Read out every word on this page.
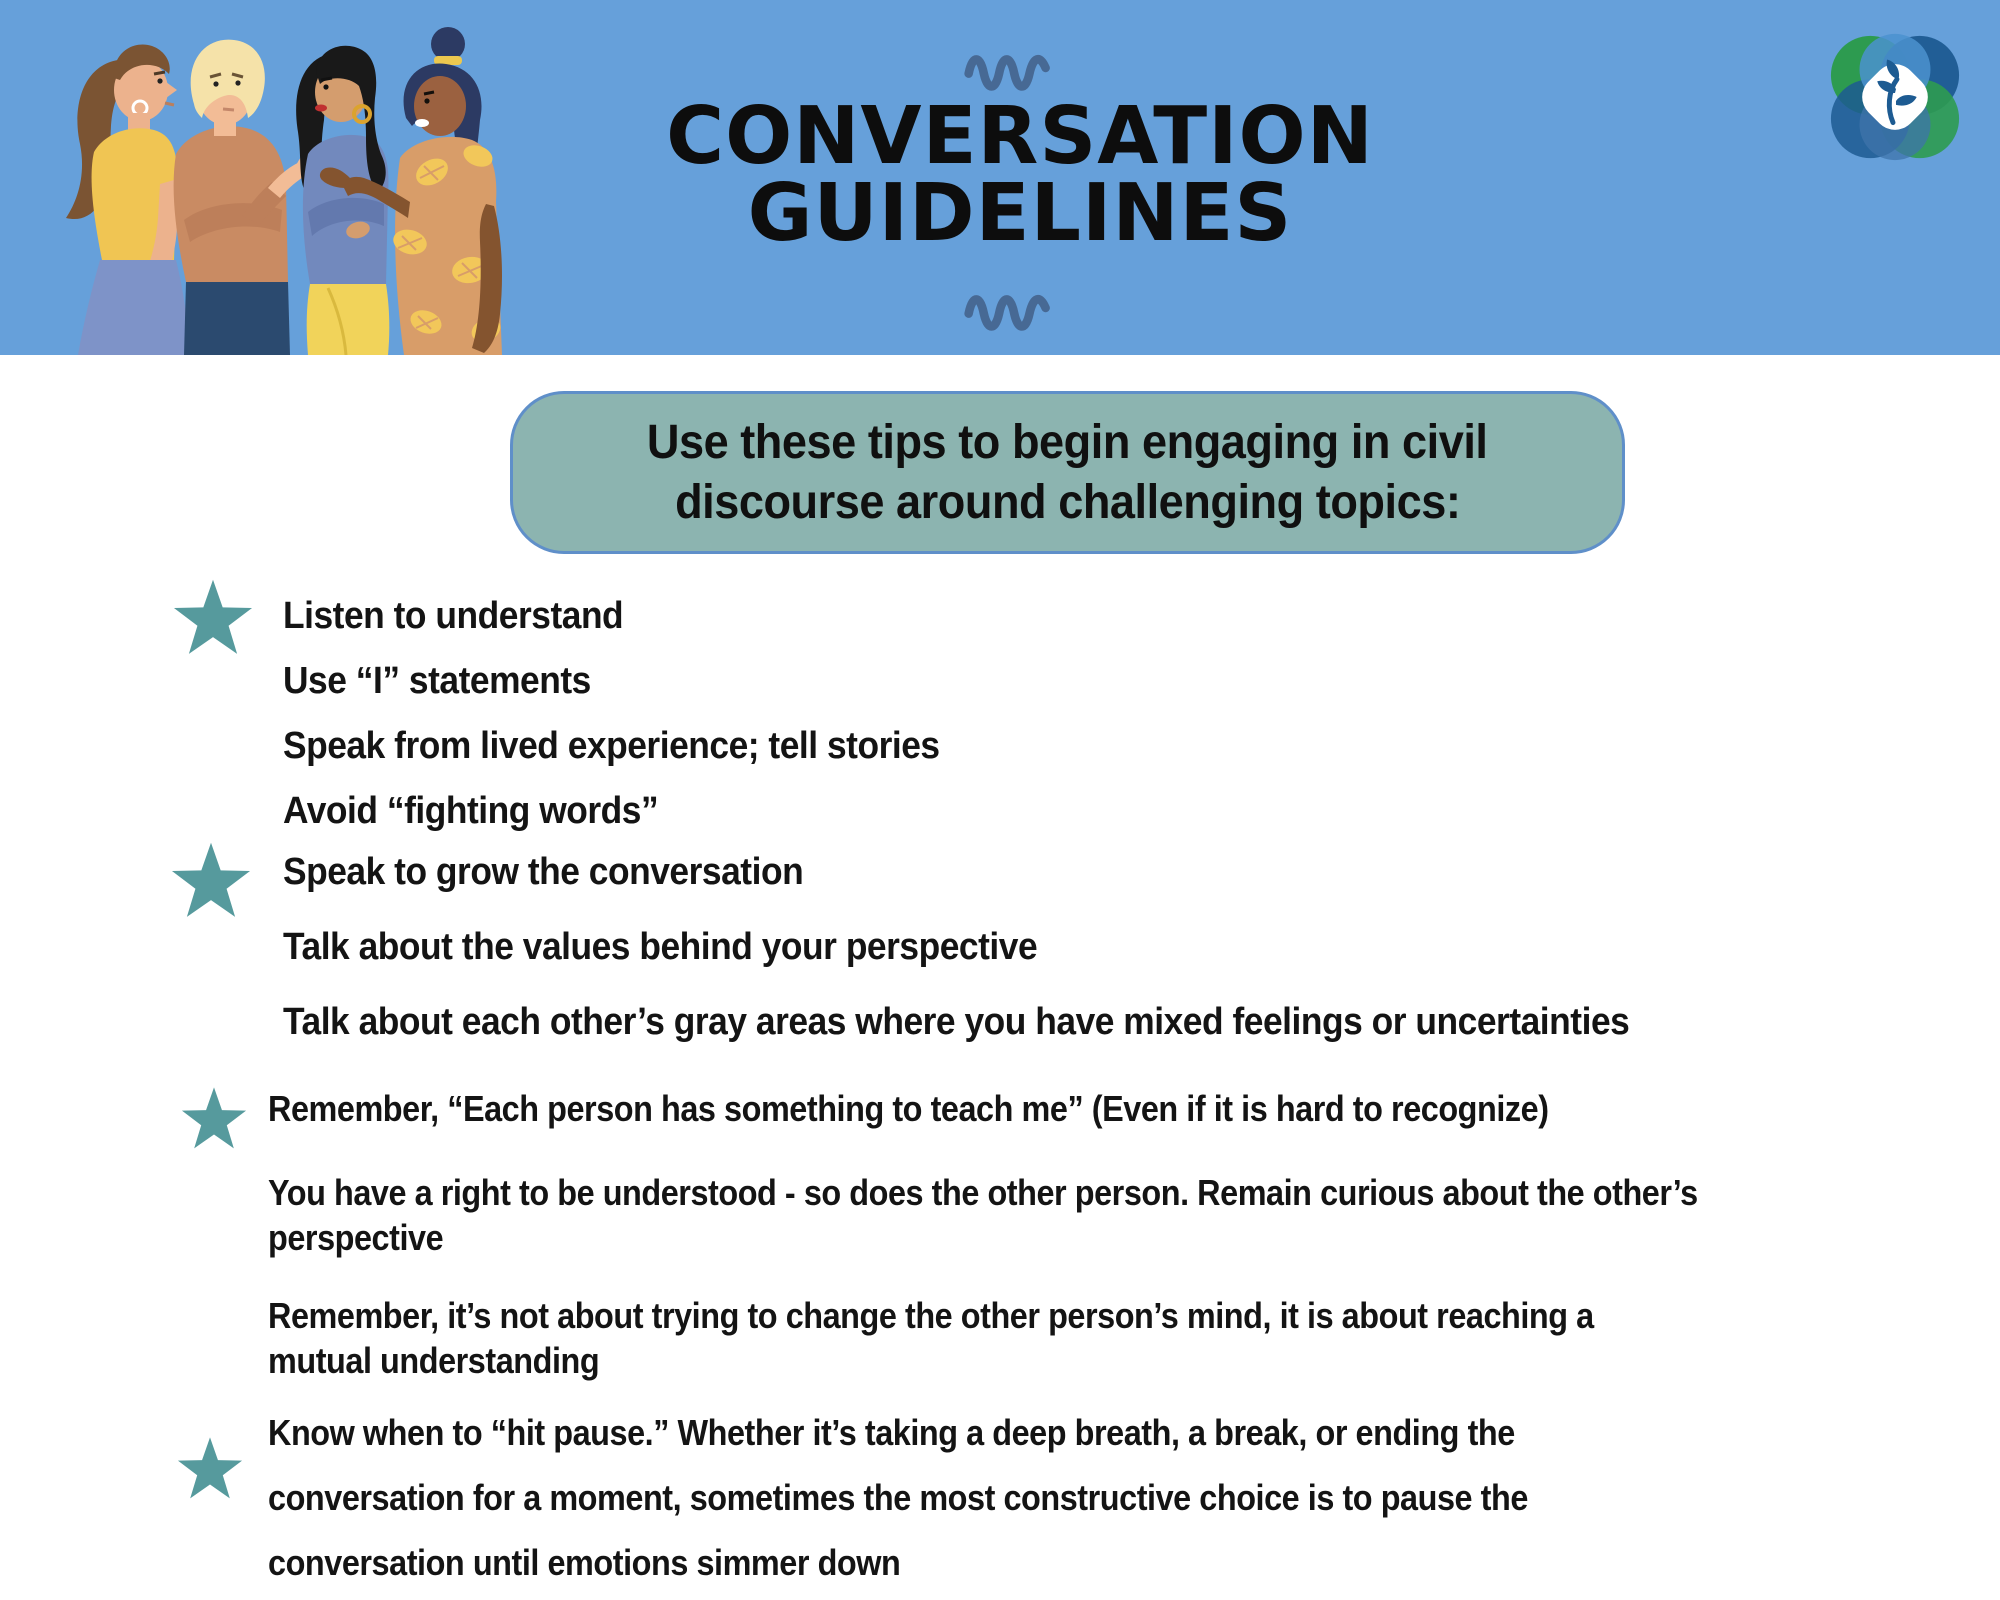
CONVERSATION
GUIDELINES
Use these tips to begin engaging in civil
discourse around challenging topics:
Listen to understand
Use “I” statements
Speak from lived experience; tell stories
Avoid “fighting words”
Speak to grow the conversation
Talk about the values behind your perspective
Talk about each other’s gray areas where you have mixed feelings or uncertainties
Remember, “Each person has something to teach me” (Even if it is hard to recognize)
You have a right to be understood - so does the other person. Remain curious about the other’s
perspective
Remember, it’s not about trying to change the other person’s mind, it is about reaching a
mutual understanding
Know when to “hit pause.” Whether it’s taking a deep breath, a break, or ending the
conversation for a moment, sometimes the most constructive choice is to pause the
conversation until emotions simmer down
